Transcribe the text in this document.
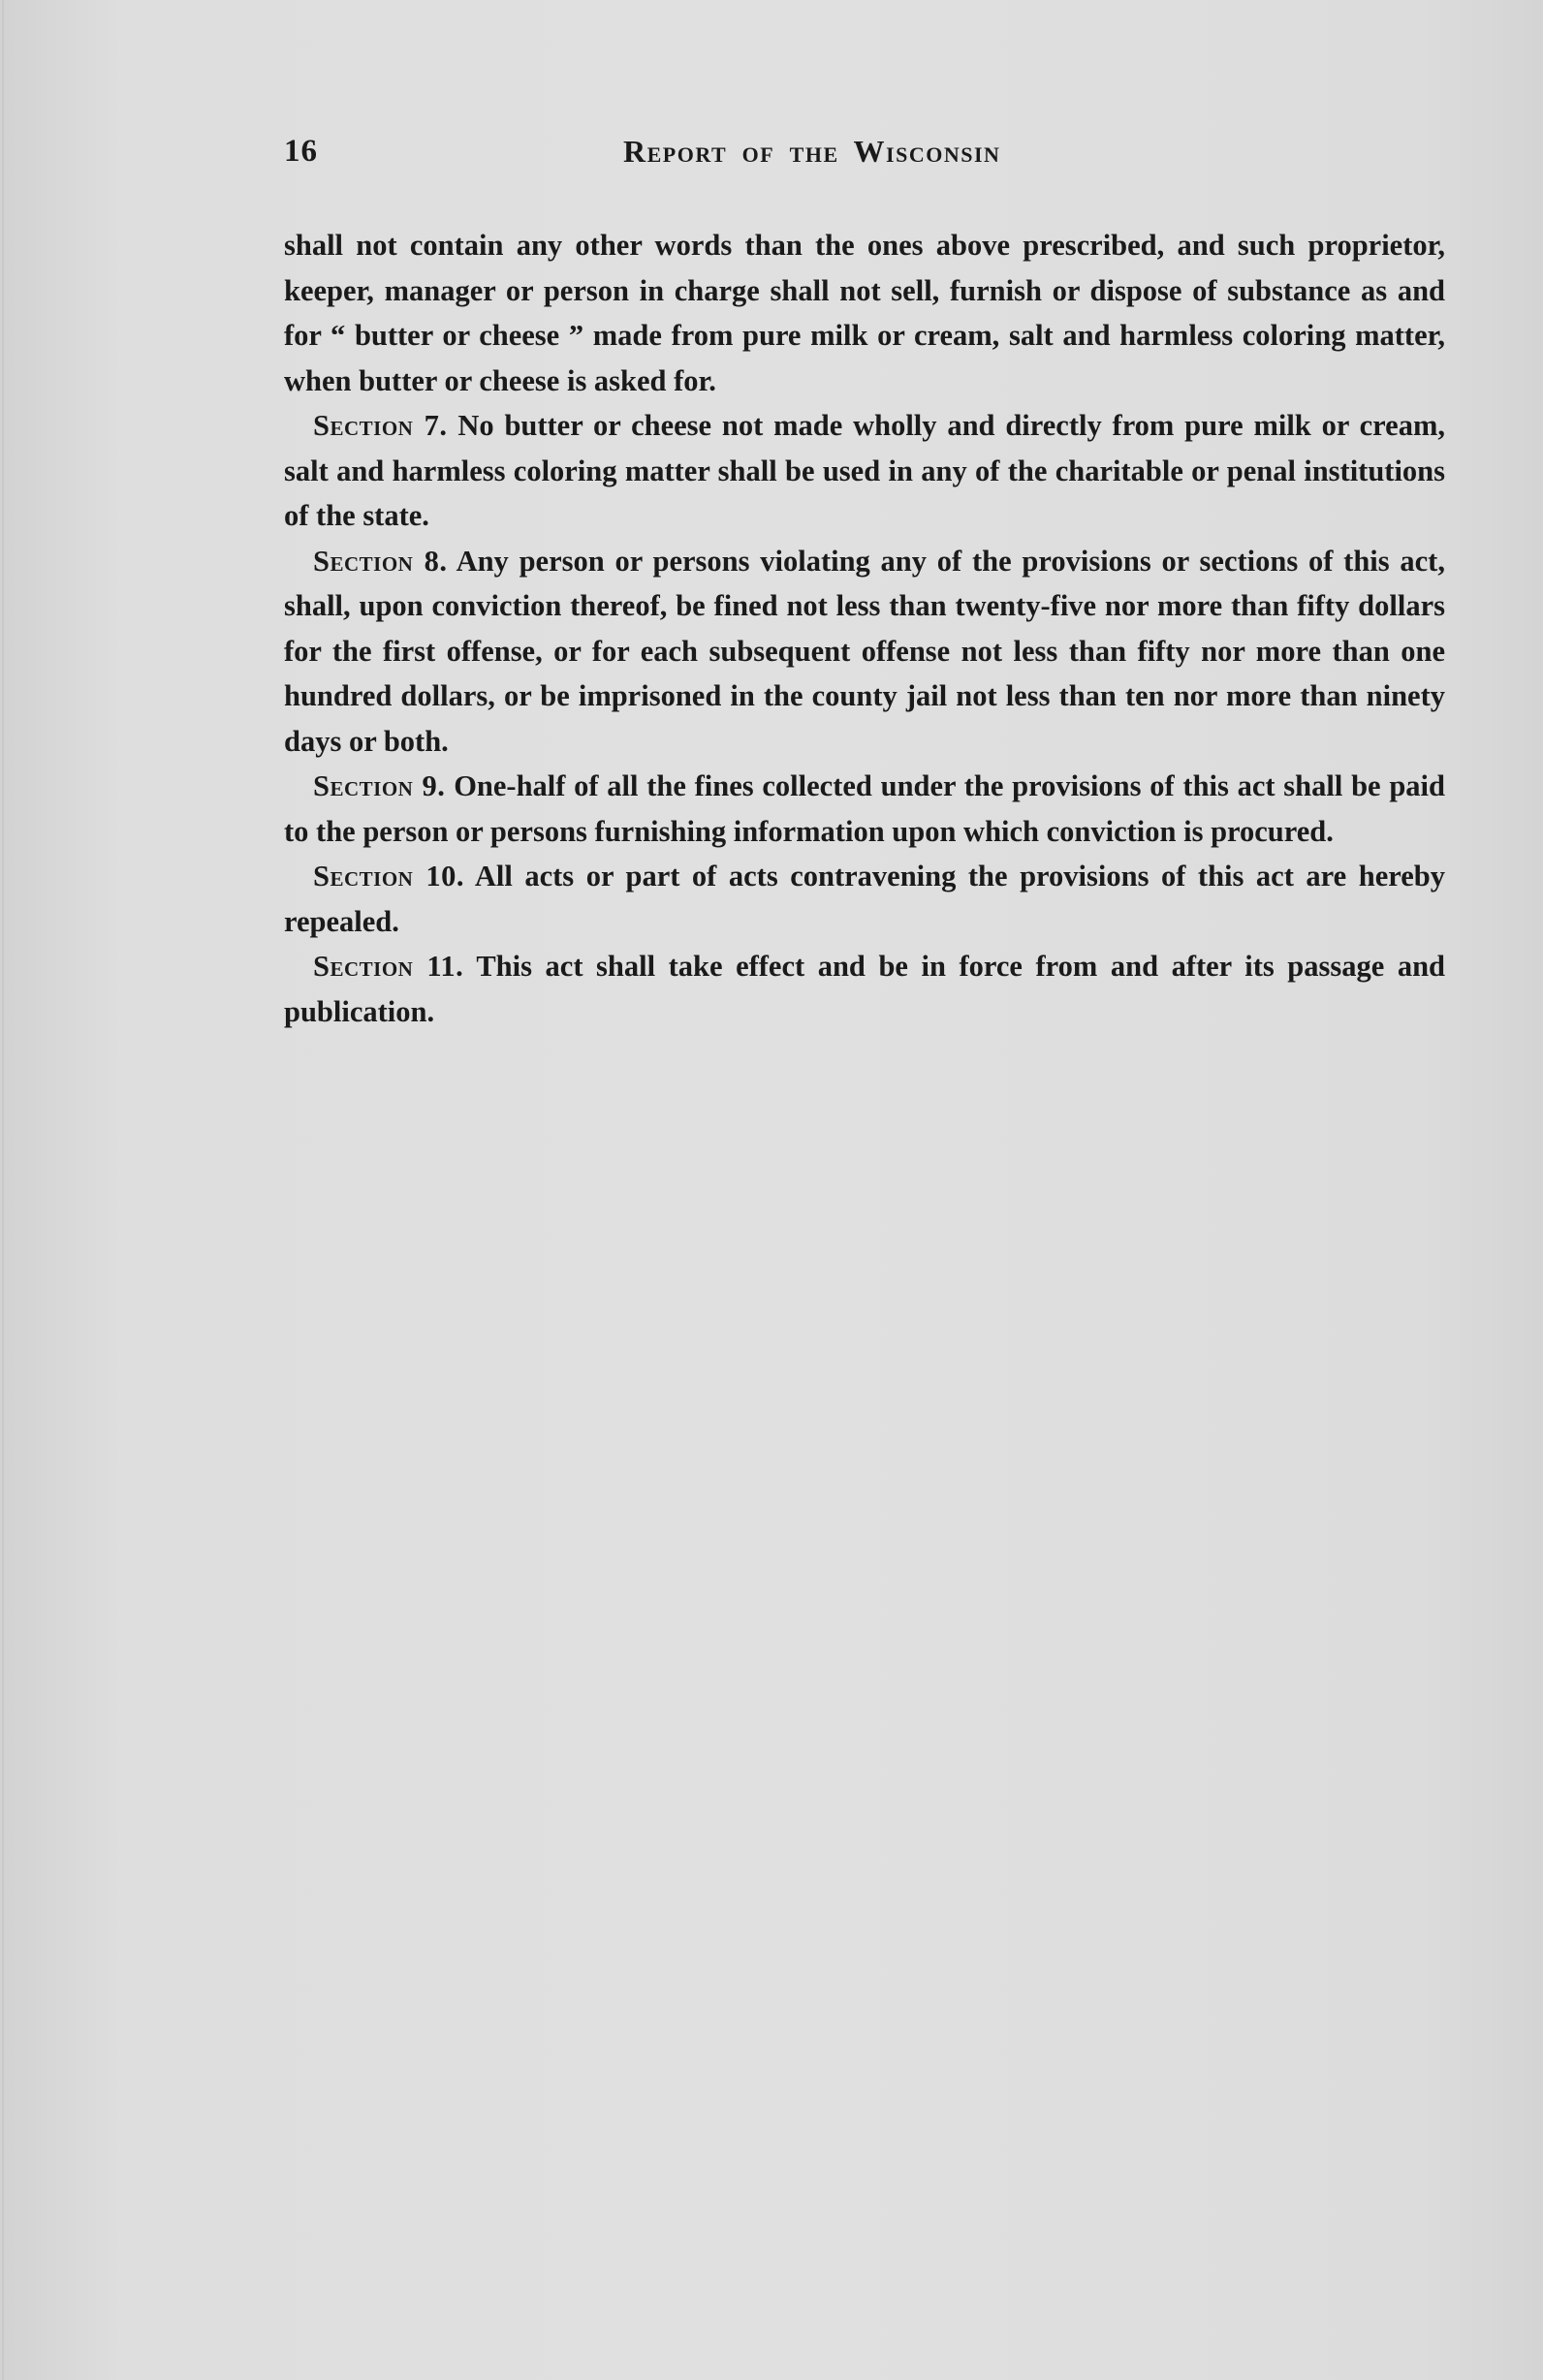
16	Report of the Wisconsin

shall not contain any other words than the ones above prescribed, and such proprietor, keeper, manager or person in charge shall not sell, furnish or dispose of substance as and for “ butter or cheese ” made from pure milk or cream, salt and harmless coloring matter, when butter or cheese is asked for.

Section 7. No butter or cheese not made wholly and directly from pure milk or cream, salt and harmless coloring matter shall be used in any of the charitable or penal institutions of the state.

Section 8. Any person or persons violating any of the provisions or sections of this act, shall, upon conviction thereof, be fined not less than twenty-five nor more than fifty dollars for the first offense, or for each subsequent offense not less than fifty nor more than one hundred dollars, or be imprisoned in the county jail not less than ten nor more than ninety days or both.

Section 9. One-half of all the fines collected under the provisions of this act shall be paid to the person or persons furnishing information upon which conviction is procured.

Section 10. All acts or part of acts contravening the provisions of this act are hereby repealed.

Section 11. This act shall take effect and be in force from and after its passage and publication.
